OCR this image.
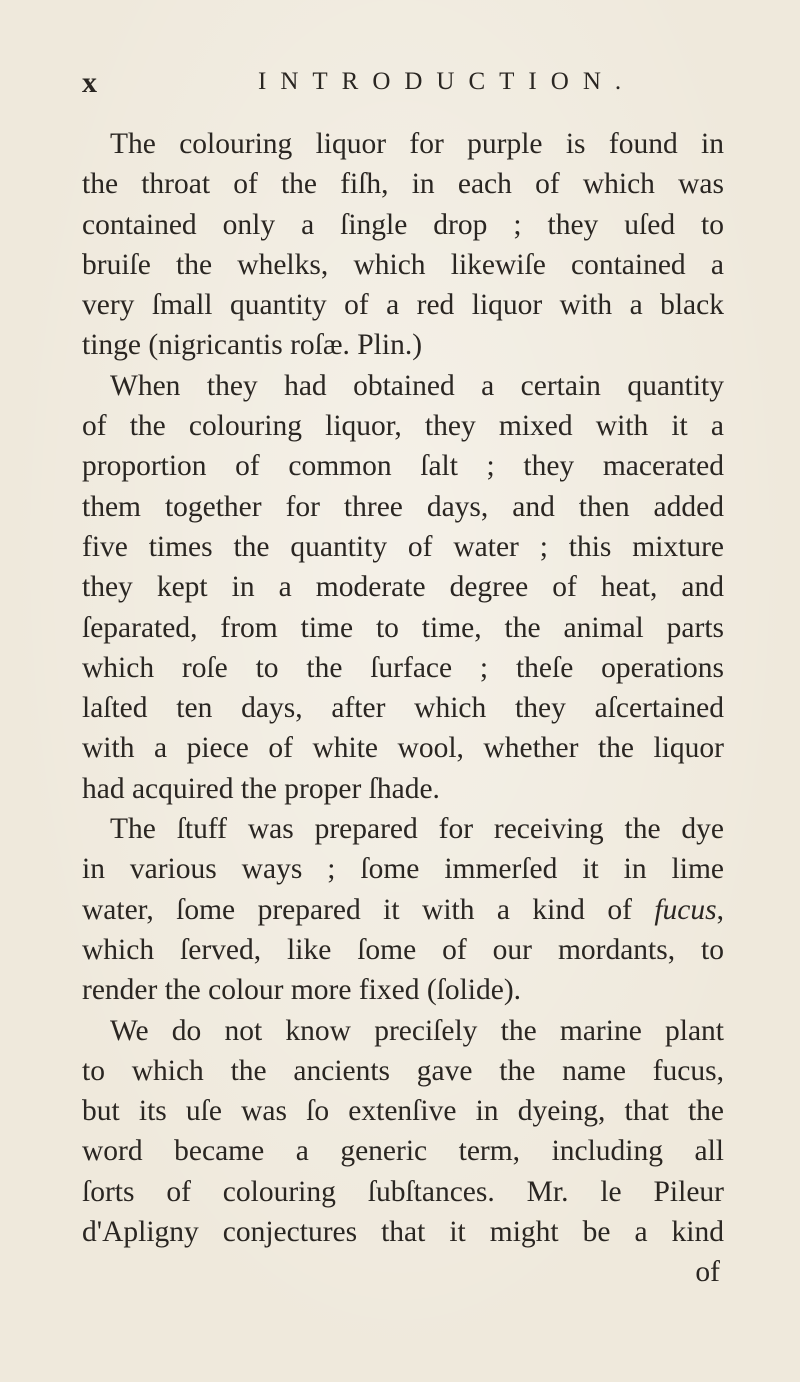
x	INTRODUCTION.
The colouring liquor for purple is found in
the throat of the fiſh, in each of which was
contained only a ſingle drop ; they uſed to
bruiſe the whelks, which likewiſe contained a
very ſmall quantity of a red liquor with a black
tinge (nigricantis roſæ. Plin.)
When they had obtained a certain quantity
of the colouring liquor, they mixed with it a
proportion of common ſalt ; they macerated
them together for three days, and then added
five times the quantity of water ; this mixture
they kept in a moderate degree of heat, and
ſeparated, from time to time, the animal parts
which roſe to the ſurface ; theſe operations
laſted ten days, after which they aſcertained
with a piece of white wool, whether the liquor
had acquired the proper ſhade.
The ſtuff was prepared for receiving the dye
in various ways ; ſome immerſed it in lime
water, ſome prepared it with a kind of fucus,
which ſerved, like ſome of our mordants, to
render the colour more fixed (ſolide).
We do not know preciſely the marine plant
to which the ancients gave the name fucus,
but its uſe was ſo extenſive in dyeing, that the
word became a generic term, including all
ſorts of colouring ſubſtances. Mr. le Pileur
d'Apligny conjectures that it might be a kind
of
